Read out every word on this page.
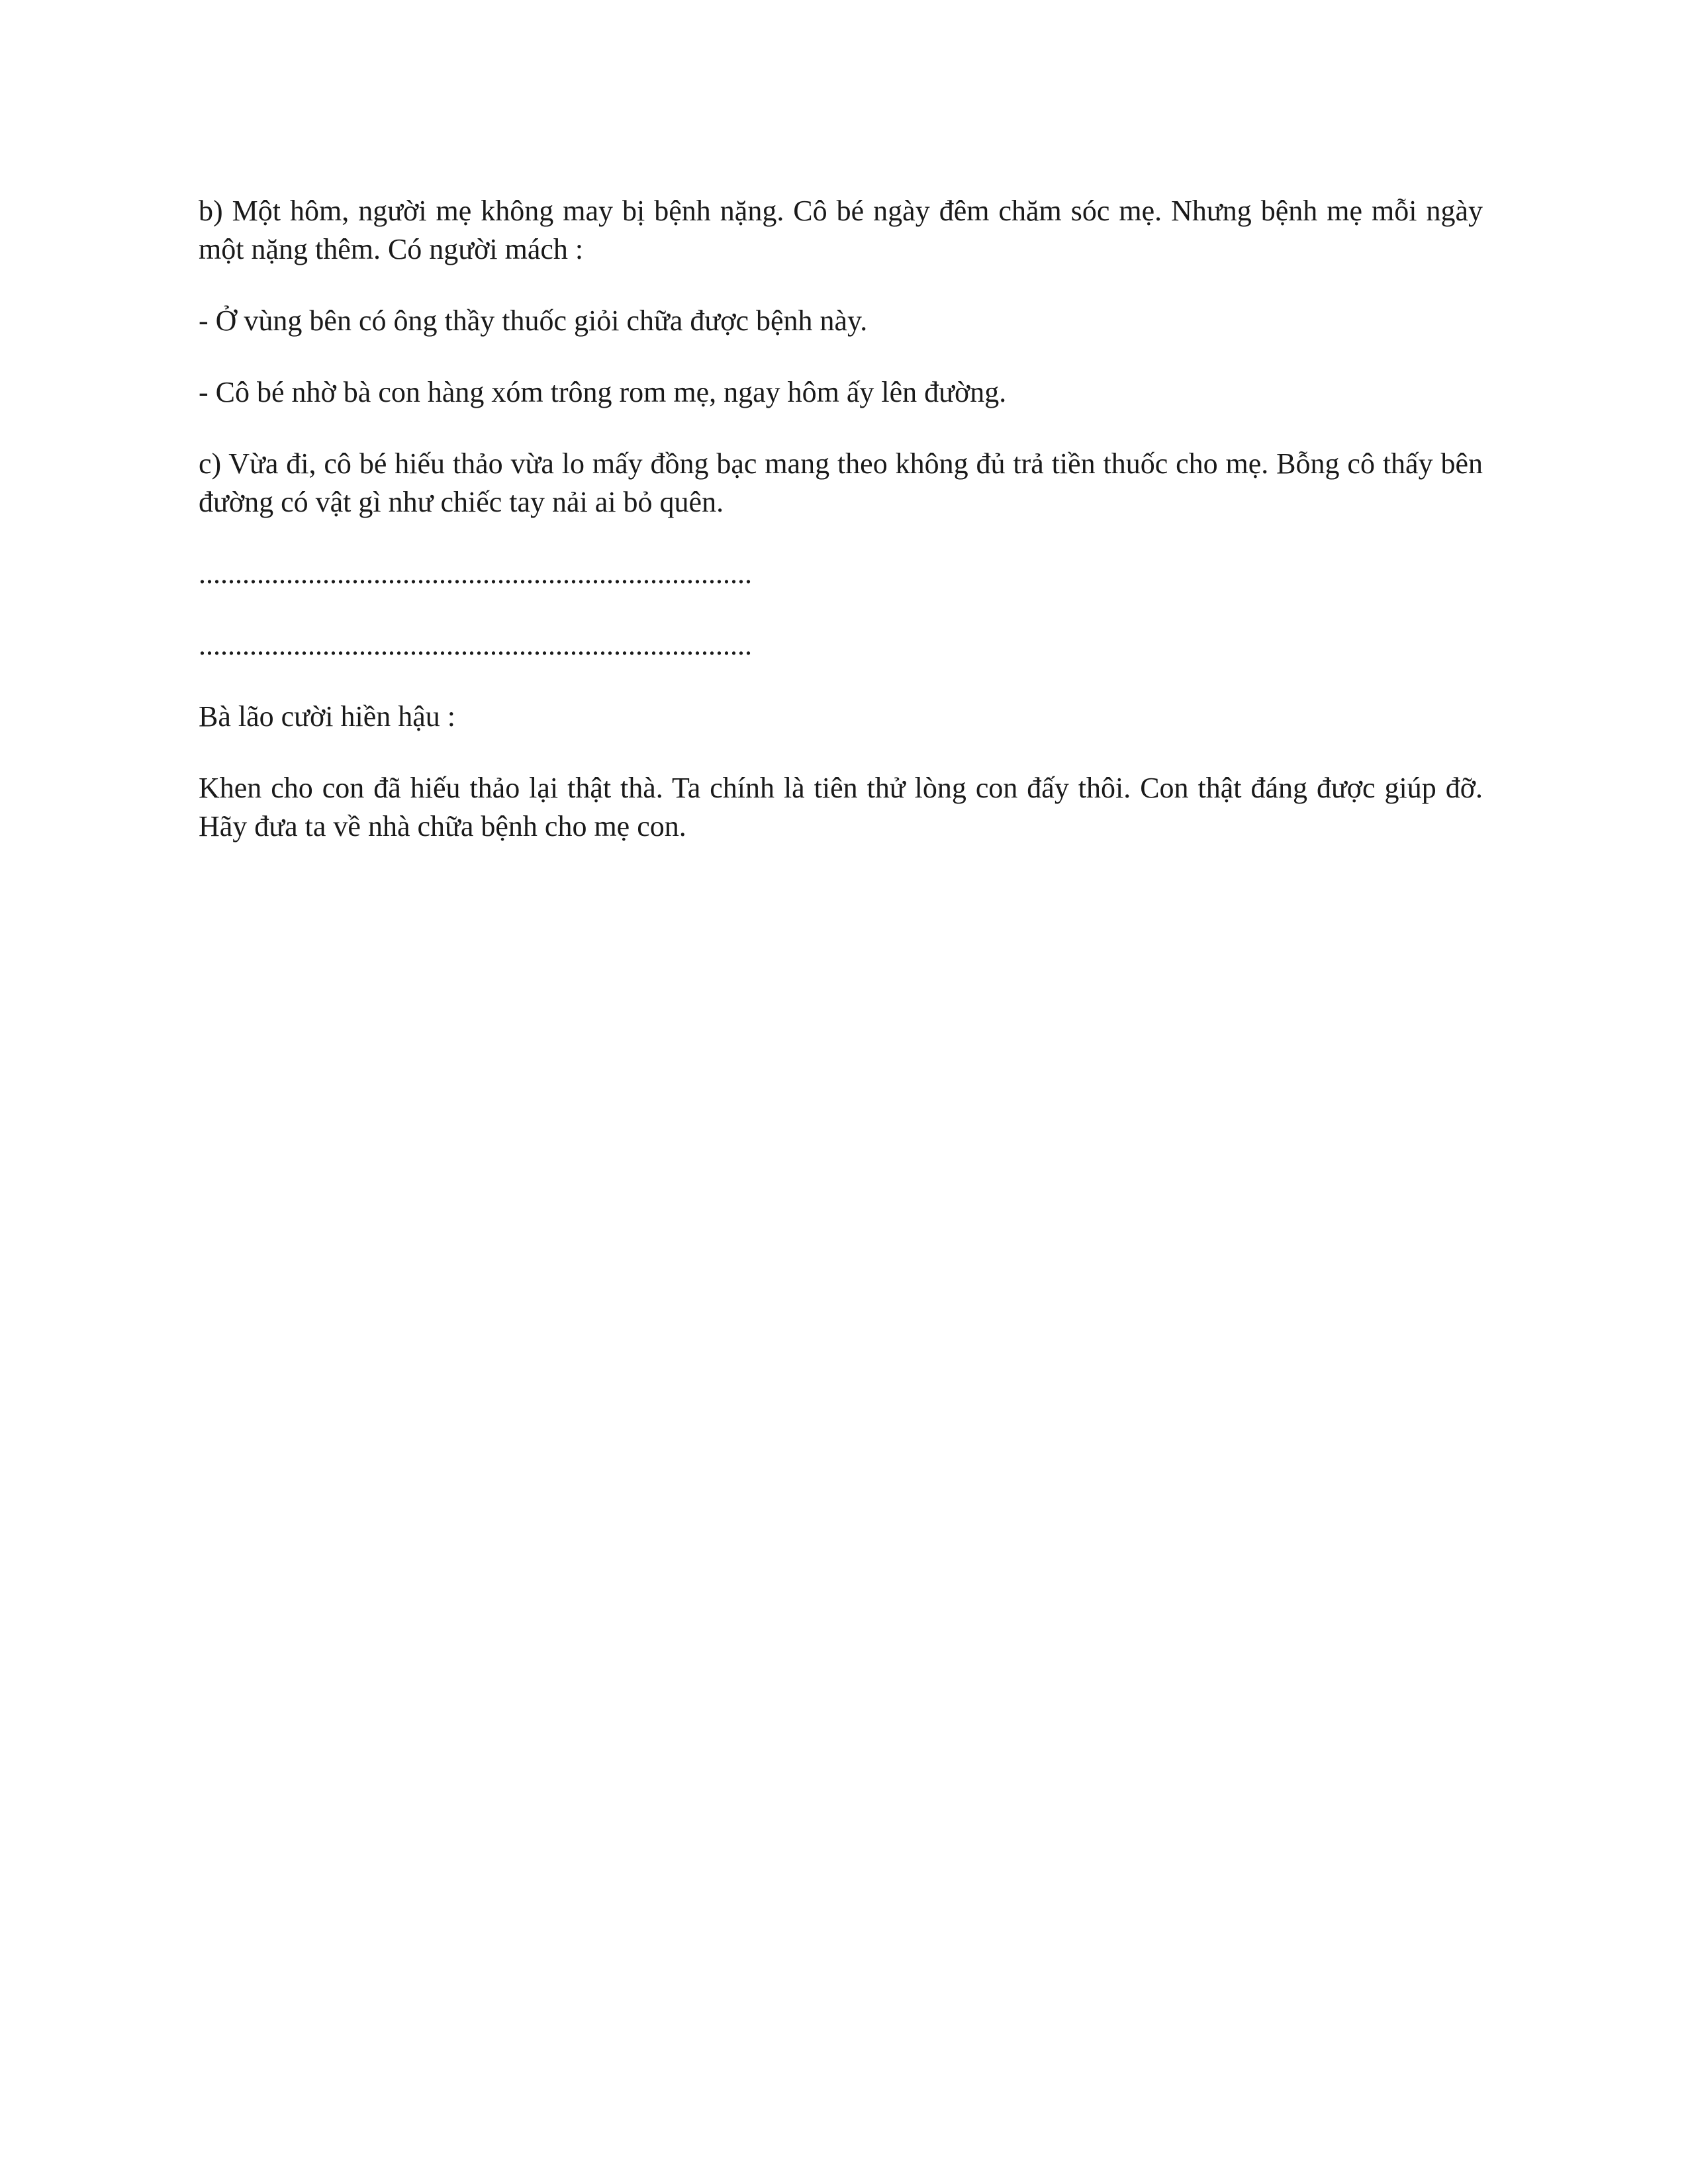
b) Một hôm, người mẹ không may bị bệnh nặng. Cô bé ngày đêm chăm sóc mẹ. Nhưng bệnh mẹ mỗi ngày một nặng thêm. Có người mách :

- Ở vùng bên có ông thầy thuốc giỏi chữa được bệnh này.

- Cô bé nhờ bà con hàng xóm trông rom mẹ, ngay hôm ấy lên đường.

c) Vừa đi, cô bé hiếu thảo vừa lo mấy đồng bạc mang theo không đủ trả tiền thuốc cho mẹ. Bỗng cô thấy bên đường có vật gì như chiếc tay nải ai bỏ quên.

............................................................................

............................................................................

Bà lão cười hiền hậu :

Khen cho con đã hiếu thảo lại thật thà. Ta chính là tiên thử lòng con đấy thôi. Con thật đáng được giúp đỡ. Hãy đưa ta về nhà chữa bệnh cho mẹ con.
